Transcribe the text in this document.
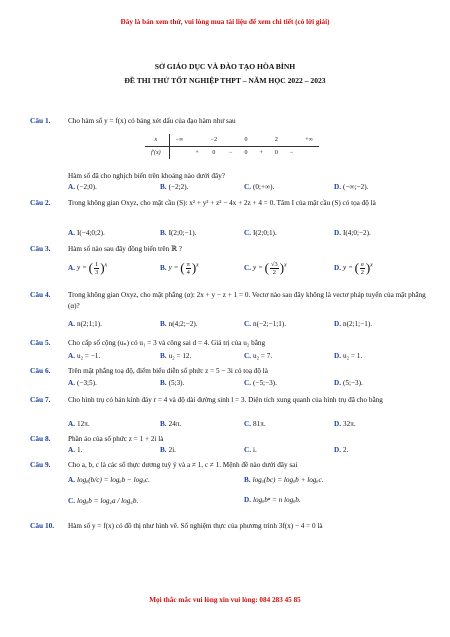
Đây là bản xem thử, vui lòng mua tài liệu để xem chi tiết (có lời giải)
SỞ GIÁO DỤC VÀ ĐÀO TẠO HÒA BÌNH
ĐỀ THI THỬ TỐT NGHIỆP THPT – NĂM HỌC 2022 – 2023
Câu 1. Cho hàm số y = f(x) có bảng xét dấu của đạo hàm như sau
x	−∞		−2		0		2		+∞
f′(x)		+	0	−	0	+	0	−	
Hàm số đã cho nghịch biến trên khoảng nào dưới đây?
A. (−2;0).	B. (−2;2).	C. (0;+∞).	D. (−∞;−2).
Câu 2. Trong không gian Oxyz, cho mặt cầu (S): x² + y² + z² − 4x + 2z + 4 = 0. Tâm I của mặt cầu (S) có tọa độ là
A. I(−4;0;2).	B. I(2;0;−1).	C. I(2;0;1).	D. I(4;0;−2).
Câu 3. Hàm số nào sau đây đồng biến trên ℝ ?
A. y = ( $\frac{1}{3} )^x$	B. y = ( $\frac{\pi}{4} )^x$	C. y = ( $\frac{√3}{2} )^x$	D. y = ( $\frac{e}{2} )^x$
Câu 4. Trong không gian Oxyz, cho mặt phẳng (α): 2x + y − z + 1 = 0. Vectơ nào sau đây không là vectơ pháp tuyến của mặt phẳng (α)?
A. n(2;1;1).	B. n(4;2;−2).	C. n(−2;−1;1).	D. n(2;1;−1).
Câu 5. Cho cấp số cộng (uₙ) có u₁ = 3 và công sai d = 4. Giá trị của u₂ bằng
A. u₂ = −1.	B. u₂ = 12.	C. u₂ = 7.	D. u₂ = 1.
Câu 6. Trên mặt phẳng toạ độ, điểm biểu diễn số phức z = 5 − 3i có toạ độ là
A. (−3;5).	B. (5;3).	C. (−5;−3).	D. (5;−3).
Câu 7. Cho hình trụ có bán kính đáy r = 4 và độ dài đường sinh l = 3. Diện tích xung quanh của hình trụ đã cho bằng
A. 12π.	B. 24π.	C. 81π.	D. 32π.
Câu 8. Phần ảo của số phức z = 1 + 2i là
A. 1.	B. 2i.	C. i.	D. 2.
Câu 9. Cho a, b, c là các số thực dương tuỳ ý và a ≠ 1, c ≠ 1. Mệnh đề nào dưới đây sai
A. logₐ(b/c) = logₐb − logₐc.	B. logₐ(bc) = logₐb + logₐc.
C. logₐb = log꜀a / log꜀b.	D. logₐbⁿ = n logₐb.
Câu 10. Hàm số y = f(x) có đồ thị như hình vẽ. Số nghiệm thực của phương trình 3f(x) − 4 = 0 là
Mọi thắc mắc vui lòng xin vui lòng: 084 283 45 85
